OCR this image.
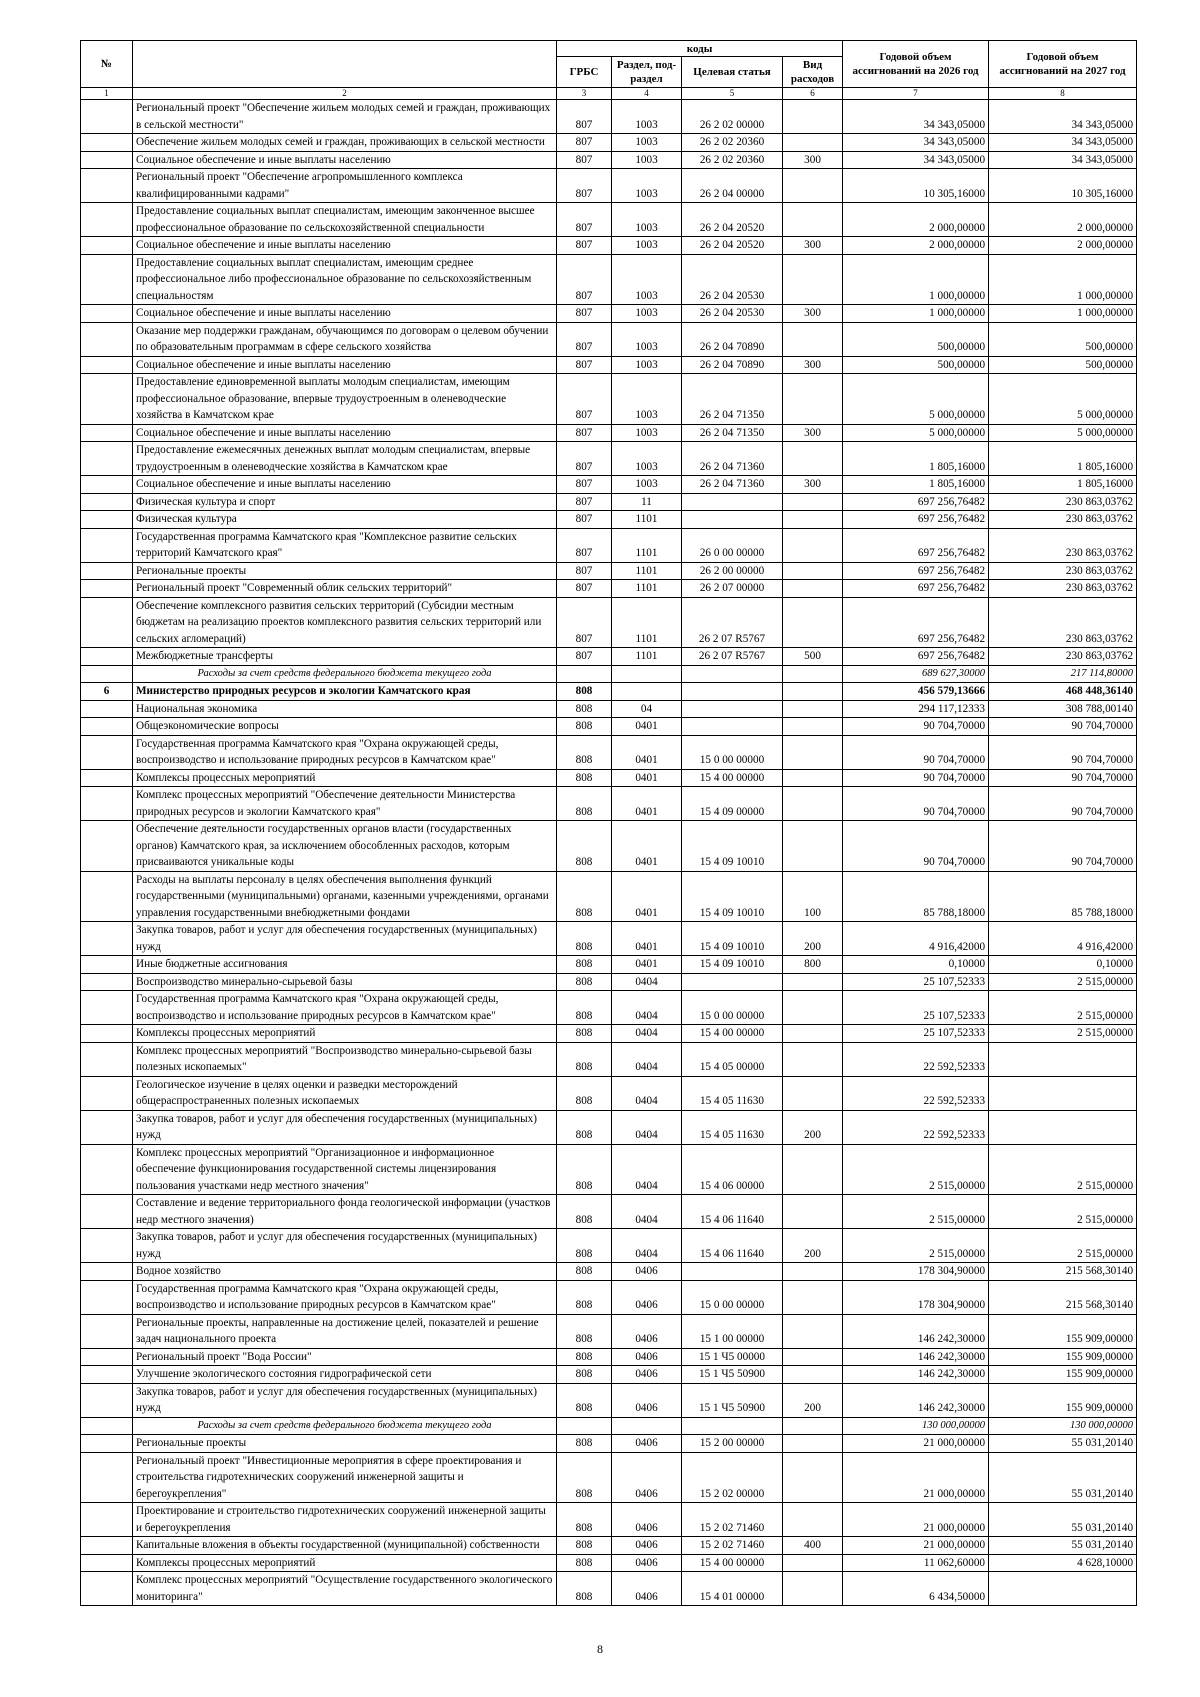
№		коды				Годовой объем ассигнований на 2026 год	Годовой объем ассигнований на 2027 год
		ГРБС	Раздел, под-раздел	Целевая статья	Вид расходов		
1	2	3	4	5	6	7	8
	Региональный проект "Обеспечение жильем молодых семей и граждан, проживающих в сельской местности"	807	1003	26 2 02 00000		34 343,05000	34 343,05000
	Обеспечение жильем молодых семей и граждан, проживающих в сельской местности	807	1003	26 2 02 20360		34 343,05000	34 343,05000
	Социальное обеспечение и иные выплаты населению	807	1003	26 2 02 20360	300	34 343,05000	34 343,05000
	Региональный проект "Обеспечение агропромышленного комплекса квалифицированными кадрами"	807	1003	26 2 04 00000		10 305,16000	10 305,16000
	Предоставление социальных выплат специалистам, имеющим законченное высшее профессиональное образование по сельскохозяйственной специальности	807	1003	26 2 04 20520		2 000,00000	2 000,00000
	Социальное обеспечение и иные выплаты населению	807	1003	26 2 04 20520	300	2 000,00000	2 000,00000
	Предоставление социальных выплат специалистам, имеющим среднее профессиональное либо профессиональное образование по сельскохозяйственным специальностям	807	1003	26 2 04 20530		1 000,00000	1 000,00000
	Социальное обеспечение и иные выплаты населению	807	1003	26 2 04 20530	300	1 000,00000	1 000,00000
	Оказание мер поддержки гражданам, обучающимся по договорам о целевом обучении по образовательным программам в сфере сельского хозяйства	807	1003	26 2 04 70890		500,00000	500,00000
	Социальное обеспечение и иные выплаты населению	807	1003	26 2 04 70890	300	500,00000	500,00000
	Предоставление единовременной выплаты молодым специалистам, имеющим профессиональное образование, впервые трудоустроенным в оленеводческие хозяйства в Камчатском крае	807	1003	26 2 04 71350		5 000,00000	5 000,00000
	Социальное обеспечение и иные выплаты населению	807	1003	26 2 04 71350	300	5 000,00000	5 000,00000
	Предоставление ежемесячных денежных выплат молодым специалистам, впервые трудоустроенным в оленеводческие хозяйства в Камчатском крае	807	1003	26 2 04 71360		1 805,16000	1 805,16000
	Социальное обеспечение и иные выплаты населению	807	1003	26 2 04 71360	300	1 805,16000	1 805,16000
	Физическая культура и спорт	807	11			697 256,76482	230 863,03762
	Физическая культура	807	1101			697 256,76482	230 863,03762
	Государственная программа Камчатского края "Комплексное развитие сельских территорий Камчатского края"	807	1101	26 0 00 00000		697 256,76482	230 863,03762
	Региональные проекты	807	1101	26 2 00 00000		697 256,76482	230 863,03762
	Региональный проект "Современный облик сельских территорий"	807	1101	26 2 07 00000		697 256,76482	230 863,03762
	Обеспечение комплексного развития сельских территорий (Субсидии местным бюджетам на реализацию проектов комплексного развития сельских территорий или сельских агломераций)	807	1101	26 2 07 R5767		697 256,76482	230 863,03762
	Межбюджетные трансферты	807	1101	26 2 07 R5767	500	697 256,76482	230 863,03762
	Расходы за счет средств федерального бюджета текущего года					689 627,30000	217 114,80000
6	Министерство природных ресурсов и экологии Камчатского края	808				456 579,13666	468 448,36140
	Национальная экономика	808	04			294 117,12333	308 788,00140
	Общеэкономические вопросы	808	0401			90 704,70000	90 704,70000
	Государственная программа Камчатского края "Охрана окружающей среды, воспроизводство и использование природных ресурсов в Камчатском крае"	808	0401	15 0 00 00000		90 704,70000	90 704,70000
	Комплексы процессных мероприятий	808	0401	15 4 00 00000		90 704,70000	90 704,70000
	Комплекс процессных мероприятий "Обеспечение деятельности Министерства природных ресурсов и экологии Камчатского края"	808	0401	15 4 09 00000		90 704,70000	90 704,70000
	Обеспечение деятельности государственных органов власти (государственных органов) Камчатского края, за исключением обособленных расходов, которым присваиваются уникальные коды	808	0401	15 4 09 10010		90 704,70000	90 704,70000
	Расходы на выплаты персоналу в целях обеспечения выполнения функций государственными (муниципальными) органами, казенными учреждениями, органами управления государственными внебюджетными фондами	808	0401	15 4 09 10010	100	85 788,18000	85 788,18000
	Закупка товаров, работ и услуг для обеспечения государственных (муниципальных) нужд	808	0401	15 4 09 10010	200	4 916,42000	4 916,42000
	Иные бюджетные ассигнования	808	0401	15 4 09 10010	800	0,10000	0,10000
	Воспроизводство минерально-сырьевой базы	808	0404			25 107,52333	2 515,00000
	Государственная программа Камчатского края "Охрана окружающей среды, воспроизводство и использование природных ресурсов в Камчатском крае"	808	0404	15 0 00 00000		25 107,52333	2 515,00000
	Комплексы процессных мероприятий	808	0404	15 4 00 00000		25 107,52333	2 515,00000
	Комплекс процессных мероприятий "Воспроизводство минерально-сырьевой базы полезных ископаемых"	808	0404	15 4 05 00000		22 592,52333	
	Геологическое изучение в целях оценки и разведки месторождений общераспространенных полезных ископаемых	808	0404	15 4 05 11630		22 592,52333	
	Закупка товаров, работ и услуг для обеспечения государственных (муниципальных) нужд	808	0404	15 4 05 11630	200	22 592,52333	
	Комплекс процессных мероприятий "Организационное и информационное обеспечение функционирования государственной системы лицензирования пользования участками недр местного значения"	808	0404	15 4 06 00000		2 515,00000	2 515,00000
	Составление и ведение территориального фонда геологической информации (участков недр местного значения)	808	0404	15 4 06 11640		2 515,00000	2 515,00000
	Закупка товаров, работ и услуг для обеспечения государственных (муниципальных) нужд	808	0404	15 4 06 11640	200	2 515,00000	2 515,00000
	Водное хозяйство	808	0406			178 304,90000	215 568,30140
	Государственная программа Камчатского края "Охрана окружающей среды, воспроизводство и использование природных ресурсов в Камчатском крае"	808	0406	15 0 00 00000		178 304,90000	215 568,30140
	Региональные проекты, направленные на достижение целей, показателей и решение задач национального проекта	808	0406	15 1 00 00000		146 242,30000	155 909,00000
	Региональный проект "Вода России"	808	0406	15 1 Ч5 00000		146 242,30000	155 909,00000
	Улучшение экологического состояния гидрографической сети	808	0406	15 1 Ч5 50900		146 242,30000	155 909,00000
	Закупка товаров, работ и услуг для обеспечения государственных (муниципальных) нужд	808	0406	15 1 Ч5 50900	200	146 242,30000	155 909,00000
	Расходы за счет средств федерального бюджета текущего года					130 000,00000	130 000,00000
	Региональные проекты	808	0406	15 2 00 00000		21 000,00000	55 031,20140
	Региональный проект "Инвестиционные мероприятия в сфере проектирования и строительства гидротехнических сооружений инженерной защиты и берегоукрепления"	808	0406	15 2 02 00000		21 000,00000	55 031,20140
	Проектирование и строительство гидротехнических сооружений инженерной защиты и берегоукрепления	808	0406	15 2 02 71460		21 000,00000	55 031,20140
	Капитальные вложения в объекты государственной (муниципальной) собственности	808	0406	15 2 02 71460	400	21 000,00000	55 031,20140
	Комплексы процессных мероприятий	808	0406	15 4 00 00000		11 062,60000	4 628,10000
	Комплекс процессных мероприятий "Осуществление государственного экологического мониторинга"	808	0406	15 4 01 00000		6 434,50000	
8
